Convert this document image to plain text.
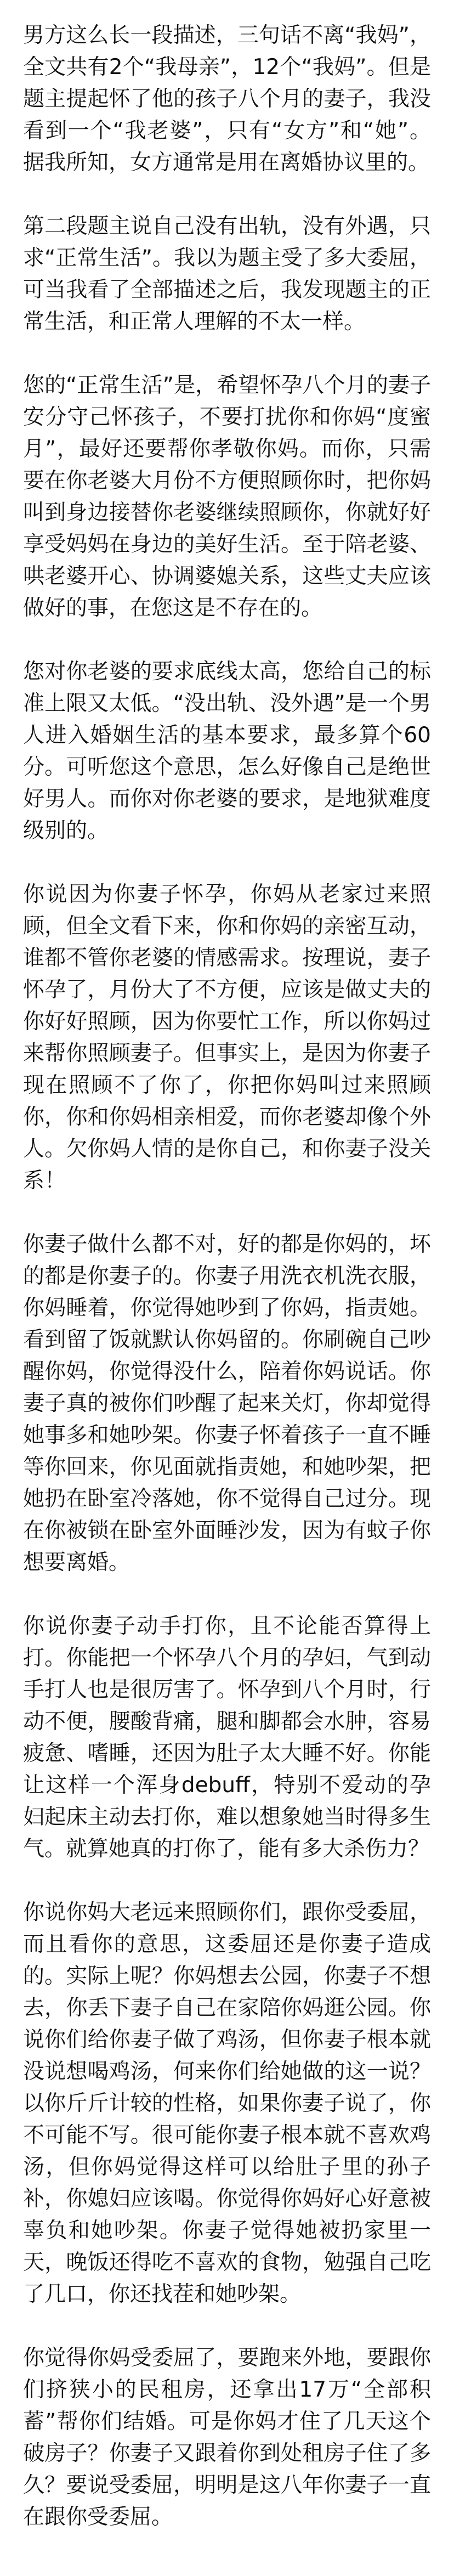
男方这么长一段描述，三句话不离“我妈”，全文共有2个“我母亲”，12个“我妈”。但是题主提起怀了他的孩子八个月的妻子，我没看到一个“我老婆”，只有“女方”和“她”。据我所知，女方通常是用在离婚协议里的。

第二段题主说自己没有出轨，没有外遇，只求“正常生活”。我以为题主受了多大委屈，可当我看了全部描述之后，我发现题主的正常生活，和正常人理解的不太一样。

您的“正常生活”是，希望怀孕八个月的妻子安分守己怀孩子，不要打扰你和你妈“度蜜月”，最好还要帮你孝敬你妈。而你，只需要在你老婆大月份不方便照顾你时，把你妈叫到身边接替你老婆继续照顾你，你就好好享受妈妈在身边的美好生活。至于陪老婆、哄老婆开心、协调婆媳关系，这些丈夫应该做好的事，在您这是不存在的。

您对你老婆的要求底线太高，您给自己的标准上限又太低。“没出轨、没外遇”是一个男人进入婚姻生活的基本要求，最多算个60分。可听您这个意思，怎么好像自己是绝世好男人。而你对你老婆的要求，是地狱难度级别的。

你说因为你妻子怀孕，你妈从老家过来照顾，但全文看下来，你和你妈的亲密互动，谁都不管你老婆的情感需求。按理说，妻子怀孕了，月份大了不方便，应该是做丈夫的你好好照顾，因为你要忙工作，所以你妈过来帮你照顾妻子。但事实上，是因为你妻子现在照顾不了你了，你把你妈叫过来照顾你，你和你妈相亲相爱，而你老婆却像个外人。欠你妈人情的是你自己，和你妻子没关系！

你妻子做什么都不对，好的都是你妈的，坏的都是你妻子的。你妻子用洗衣机洗衣服，你妈睡着，你觉得她吵到了你妈，指责她。看到留了饭就默认你妈留的。你刷碗自己吵醒你妈，你觉得没什么，陪着你妈说话。你妻子真的被你们吵醒了起来关灯，你却觉得她事多和她吵架。你妻子怀着孩子一直不睡等你回来，你见面就指责她，和她吵架，把她扔在卧室冷落她，你不觉得自己过分。现在你被锁在卧室外面睡沙发，因为有蚊子你想要离婚。

你说你妻子动手打你，且不论能否算得上打。你能把一个怀孕八个月的孕妇，气到动手打人也是很厉害了。怀孕到八个月时，行动不便，腰酸背痛，腿和脚都会水肿，容易疲惫、嗜睡，还因为肚子太大睡不好。你能让这样一个浑身debuff，特别不爱动的孕妇起床主动去打你，难以想象她当时得多生气。就算她真的打你了，能有多大杀伤力？

你说你妈大老远来照顾你们，跟你受委屈，而且看你的意思，这委屈还是你妻子造成的。实际上呢？你妈想去公园，你妻子不想去，你丢下妻子自己在家陪你妈逛公园。你说你们给你妻子做了鸡汤，但你妻子根本就没说想喝鸡汤，何来你们给她做的这一说？以你斤斤计较的性格，如果你妻子说了，你不可能不写。很可能你妻子根本就不喜欢鸡汤，但你妈觉得这样可以给肚子里的孙子补，你媳妇应该喝。你觉得你妈好心好意被辜负和她吵架。你妻子觉得她被扔家里一天，晚饭还得吃不喜欢的食物，勉强自己吃了几口，你还找茬和她吵架。

你觉得你妈受委屈了，要跑来外地，要跟你们挤狭小的民租房，还拿出17万“全部积蓄”帮你们结婚。可是你妈才住了几天这个破房子？你妻子又跟着你到处租房子住了多久？要说受委屈，明明是这八年你妻子一直在跟你受委屈。
